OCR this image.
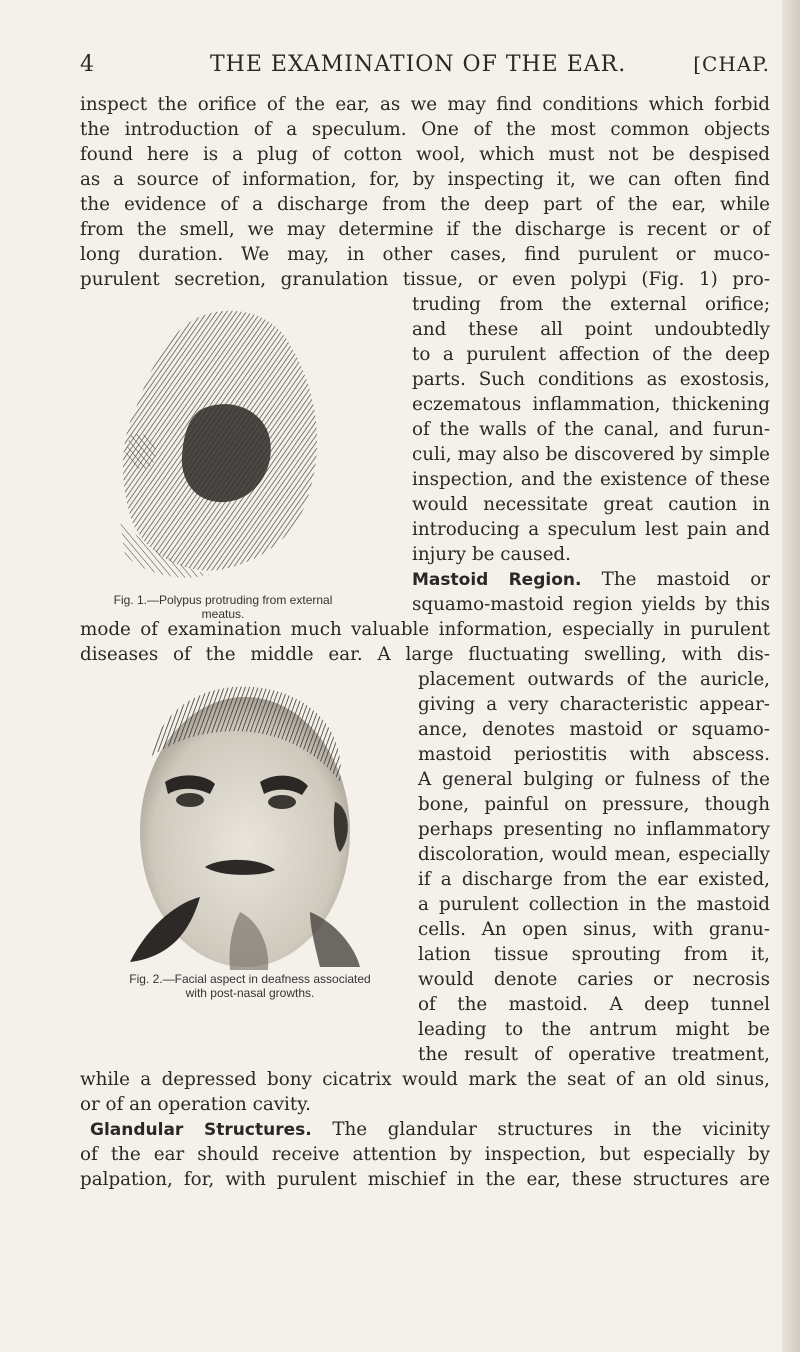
4	THE EXAMINATION OF THE EAR.	[CHAP.
inspect the orifice of the ear, as we may find conditions which forbid
the introduction of a speculum. One of the most common objects
found here is a plug of cotton wool, which must not be despised
as a source of information, for, by inspecting it, we can often find
the evidence of a discharge from the deep part of the ear, while
from the smell, we may determine if the discharge is recent or of
long duration. We may, in other cases, find purulent or muco-
purulent secretion, granulation tissue, or even polypi (Fig. 1) pro-
Fig. 1.—Polypus protruding from external
meatus.
truding from the external orifice;
and these all point undoubtedly
to a purulent affection of the deep
parts. Such conditions as exostosis,
eczematous inflammation, thickening
of the walls of the canal, and furun-
culi, may also be discovered by simple
inspection, and the existence of these
would necessitate great caution in
introducing a speculum lest pain and
injury be caused.
Mastoid Region. The mastoid or
squamo-mastoid region yields by this
mode of examination much valuable information, especially in purulent
diseases of the middle ear. A large fluctuating swelling, with dis-
Fig. 2.—Facial aspect in deafness associated
with post-nasal growths.
placement outwards of the auricle,
giving a very characteristic appear-
ance, denotes mastoid or squamo-
mastoid periostitis with abscess.
A general bulging or fulness of the
bone, painful on pressure, though
perhaps presenting no inflammatory
discoloration, would mean, especially
if a discharge from the ear existed,
a purulent collection in the mastoid
cells. An open sinus, with granu-
lation tissue sprouting from it,
would denote caries or necrosis
of the mastoid. A deep tunnel
leading to the antrum might be
the result of operative treatment,
while a depressed bony cicatrix would mark the seat of an old sinus,
or of an operation cavity.
Glandular Structures. The glandular structures in the vicinity
of the ear should receive attention by inspection, but especially by
palpation, for, with purulent mischief in the ear, these structures are
